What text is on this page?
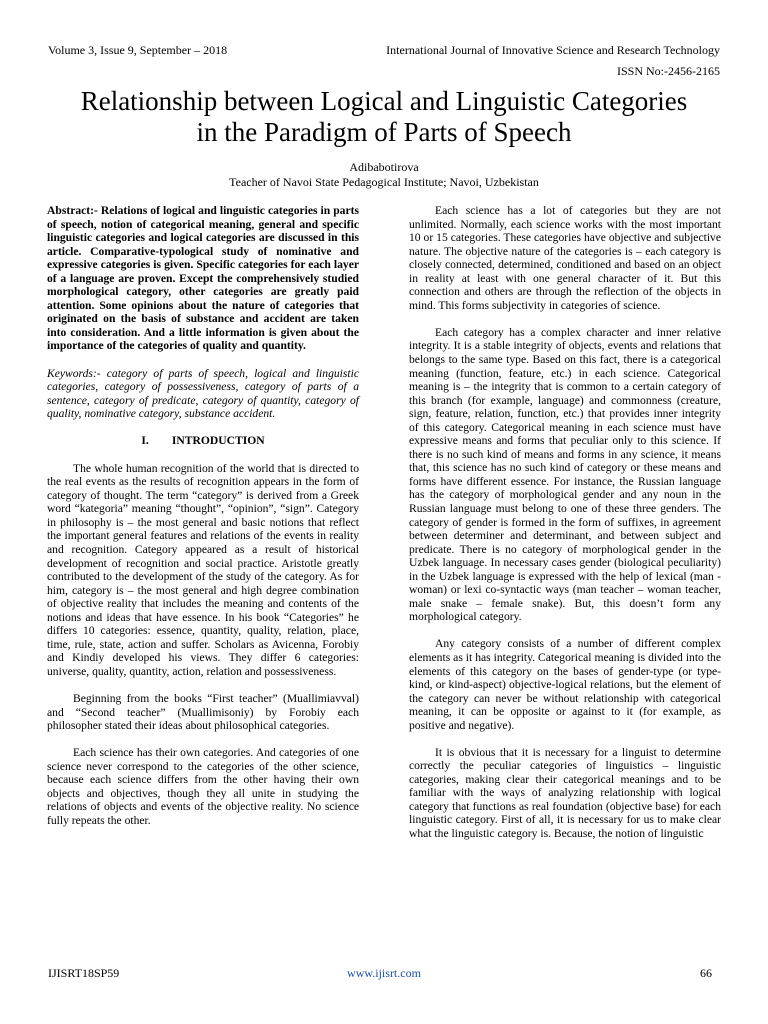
Volume 3, Issue 9, September – 2018	International Journal of Innovative Science and Research Technology
ISSN No:-2456-2165
Relationship between Logical and Linguistic Categories
in the Paradigm of Parts of Speech
Adibabotirova
Teacher of Navoi State Pedagogical Institute; Navoi, Uzbekistan

Abstract:- Relations of logical and linguistic categories in parts of speech, notion of categorical meaning, general and specific linguistic categories and logical categories are discussed in this article. Comparative-typological study of nominative and expressive categories is given. Specific categories for each layer of a language are proven. Except the comprehensively studied morphological category, other categories are greatly paid attention. Some opinions about the nature of categories that originated on the basis of substance and accident are taken into consideration. And a little information is given about the importance of the categories of quality and quantity.

Keywords:- category of parts of speech, logical and linguistic categories, category of possessiveness, category of parts of a sentence, category of predicate, category of quantity, category of quality, nominative category, substance accident.

I.  INTRODUCTION

The whole human recognition of the world that is directed to the real events as the results of recognition appears in the form of category of thought. The term “category” is derived from a Greek word “kategoria” meaning “thought”, “opinion”, “sign”. Category in philosophy is – the most general and basic notions that reflect the important general features and relations of the events in reality and recognition. Category appeared as a result of historical development of recognition and social practice. Aristotle greatly contributed to the development of the study of the category. As for him, category is – the most general and high degree combination of objective reality that includes the meaning and contents of the notions and ideas that have essence. In his book “Categories” he differs 10 categories: essence, quantity, quality, relation, place, time, rule, state, action and suffer. Scholars as Avicenna, Forobiy and Kindiy developed his views. They differ 6 categories: universe, quality, quantity, action, relation and possessiveness.

Beginning from the books “First teacher” (Muallimiavval) and “Second teacher” (Muallimisoniy) by Forobiy each philosopher stated their ideas about philosophical categories.

Each science has their own categories. And categories of one science never correspond to the categories of the other science, because each science differs from the other having their own objects and objectives, though they all unite in studying the relations of objects and events of the objective reality. No science fully repeats the other.

Each science has a lot of categories but they are not unlimited. Normally, each science works with the most important 10 or 15 categories. These categories have objective and subjective nature. The objective nature of the categories is – each category is closely connected, determined, conditioned and based on an object in reality at least with one general character of it. But this connection and others are through the reflection of the objects in mind. This forms subjectivity in categories of science.

Each category has a complex character and inner relative integrity. It is a stable integrity of objects, events and relations that belongs to the same type. Based on this fact, there is a categorical meaning (function, feature, etc.) in each science. Categorical meaning is – the integrity that is common to a certain category of this branch (for example, language) and commonness (creature, sign, feature, relation, function, etc.) that provides inner integrity of this category. Categorical meaning in each science must have expressive means and forms that peculiar only to this science. If there is no such kind of means and forms in any science, it means that, this science has no such kind of category or these means and forms have different essence. For instance, the Russian language has the category of morphological gender and any noun in the Russian language must belong to one of these three genders. The category of gender is formed in the form of suffixes, in agreement between determiner and determinant, and between subject and predicate. There is no category of morphological gender in the Uzbek language. In necessary cases gender (biological peculiarity) in the Uzbek language is expressed with the help of lexical (man - woman) or lexi co-syntactic ways (man teacher – woman teacher, male snake – female snake). But, this doesn’t form any morphological category.

Any category consists of a number of different complex elements as it has integrity. Categorical meaning is divided into the elements of this category on the bases of gender-type (or type-kind, or kind-aspect) objective-logical relations, but the element of the category can never be without relationship with categorical meaning, it can be opposite or against to it (for example, as positive and negative).

It is obvious that it is necessary for a linguist to determine correctly the peculiar categories of linguistics – linguistic categories, making clear their categorical meanings and to be familiar with the ways of analyzing relationship with logical category that functions as real foundation (objective base) for each linguistic category. First of all, it is necessary for us to make clear what the linguistic category is. Because, the notion of linguistic

IJISRT18SP59	www.ijisrt.com	66
